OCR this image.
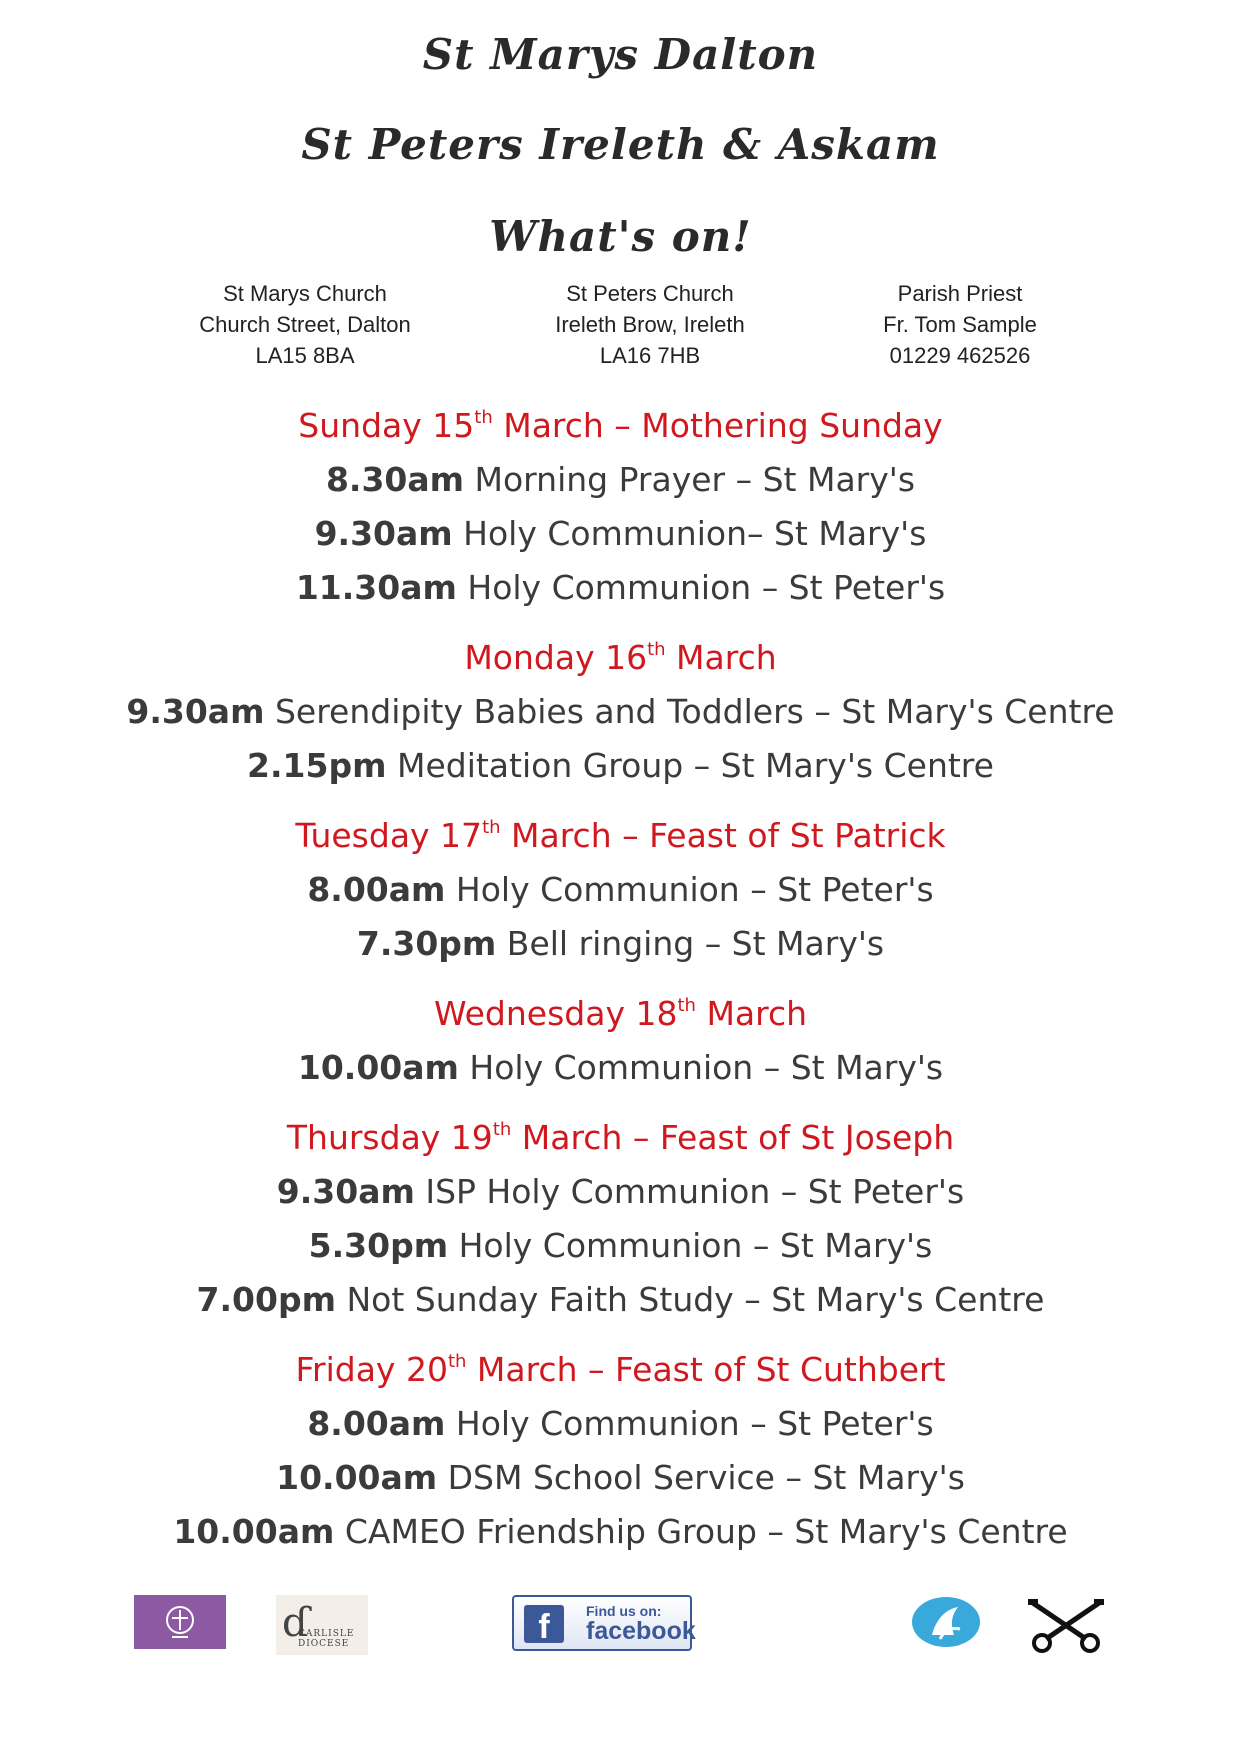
St Marys Dalton
St Peters Ireleth & Askam
What's on!
St Marys Church
Church Street, Dalton
LA15 8BA
St Peters Church
Ireleth Brow, Ireleth
LA16 7HB
Parish Priest
Fr. Tom Sample
01229 462526
Sunday 15th March – Mothering Sunday
8.30am Morning Prayer – St Mary's
9.30am Holy Communion– St Mary's
11.30am Holy Communion – St Peter's
Monday 16th March
9.30am Serendipity Babies and Toddlers – St Mary's Centre
2.15pm Meditation Group – St Mary's Centre
Tuesday 17th March – Feast of St Patrick
8.00am Holy Communion – St Peter's
7.30pm Bell ringing – St Mary's
Wednesday 18th March
10.00am Holy Communion – St Mary's
Thursday 19th March – Feast of St Joseph
9.30am ISP Holy Communion – St Peter's
5.30pm Holy Communion – St Mary's
7.00pm Not Sunday Faith Study – St Mary's Centre
Friday 20th March – Feast of St Cuthbert
8.00am Holy Communion – St Peter's
10.00am DSM School Service – St Mary's
10.00am CAMEO Friendship Group – St Mary's Centre
ɗ
CARLISLE DIOCESE	f	Find us on:
facebook
